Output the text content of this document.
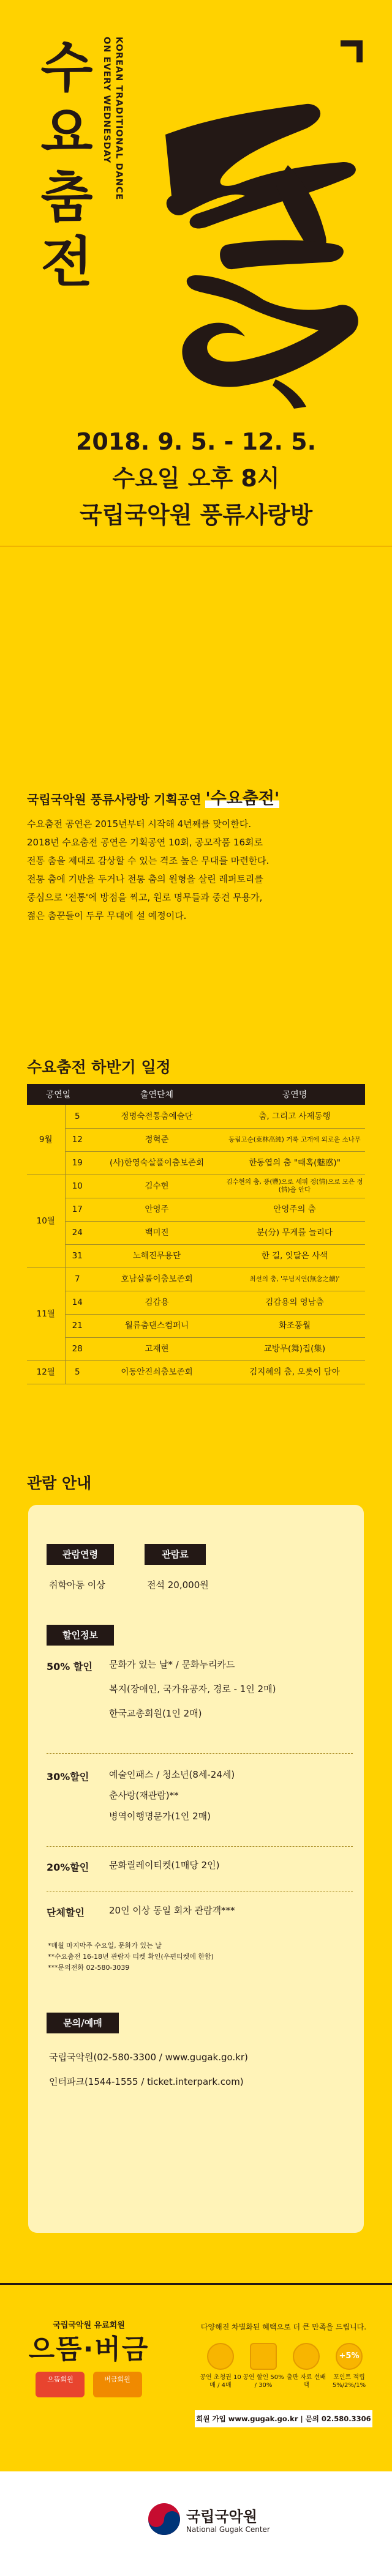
수요
춤전
KOREAN TRADITIONAL DANCE
ON EVERY WEDNESDAY
2018. 9. 5. - 12. 5.
수요일 오후 8시
국립국악원 풍류사랑방
국립국악원 풍류사랑방 기획공연 '수요춤전'
수요춤전 공연은 2015년부터 시작해 4년째를 맞이한다.
2018년 수요춤전 공연은 기획공연 10회, 공모작품 16회로
전통 춤을 제대로 감상할 수 있는 격조 높은 무대를 마련한다.
전통 춤에 기반을 두거나 전통 춤의 원형을 살린 레퍼토리를
중심으로 '전통'에 방점을 찍고, 원로 명무들과 중견 무용가,
젊은 춤꾼들이 두루 무대에 설 예정이다.
수요춤전 하반기 일정
공연일		출연단체	공연명
9월	5	정명숙전통춤예술단	춤, 그리고 사제동행
	12	정혁준	동림고순(東林高純) 거룩 고개에 외로운 소나무
	19	(사)한영숙살풀이춤보존회	한동엽의 춤 "때혹(魅惑)"
10월	10	김수현	김수현의 춤, 풍(豐)으로 세워 정(情)으로 모은 정(情)을 안다
	17	안영주	안영주의 춤
	24	백미진	분(分) 무게를 늘리다
	31	노해진무용단	한 길, 잇달은 사색
11월	7	호남살풀이춤보존회	최선의 춤, '무념지연(無念之續)'
	14	김갑용	김갑용의 영남춤
	21	월류춤댄스컴퍼니	화조풍월
	28	고재현	교방무(舞)집(集)
12월	5	이동안진쇠춤보존회	김지혜의 춤, 오롯이 담아
관람 안내
관람연령
취학아동 이상
관람료
전석 20,000원
할인정보
50% 할인 문화가 있는 날* / 문화누리카드
복지(장애인, 국가유공자, 경로 - 1인 2매)
한국교총회원(1인 2매)
30%할인 예술인패스 / 청소년(8세-24세)
춘사랑(재관람)**
병역이행명문가(1인 2매)
20%할인 문화릴레이티켓(1매당 2인)
단체할인	20인 이상 동일 회차 관람객***
*매월 마지막주 수요일, 문화가 있는 날
**수요춤전 16-18년 관람자 티켓 확인(우편티켓에 한함)
***문의전화 02-580-3039
문의/예매
국립국악원(02-580-3300 / www.gugak.go.kr)
인터파크(1544-1555 / ticket.interpark.com)
국립국악원 유료회원
으뜸·버금
으뜸회원	버금회원
다양해진 차별화된 혜택으로 더 큰 만족을 드립니다.
공연 초청권 10매 / 4매
공연 할인 50% / 30%
출판 자료 선배액
+5%
포인트 적립 5%/2%/1%
회원 가입 www.gugak.go.kr | 문의 02.580.3306
국립국악원
National Gugak Center
